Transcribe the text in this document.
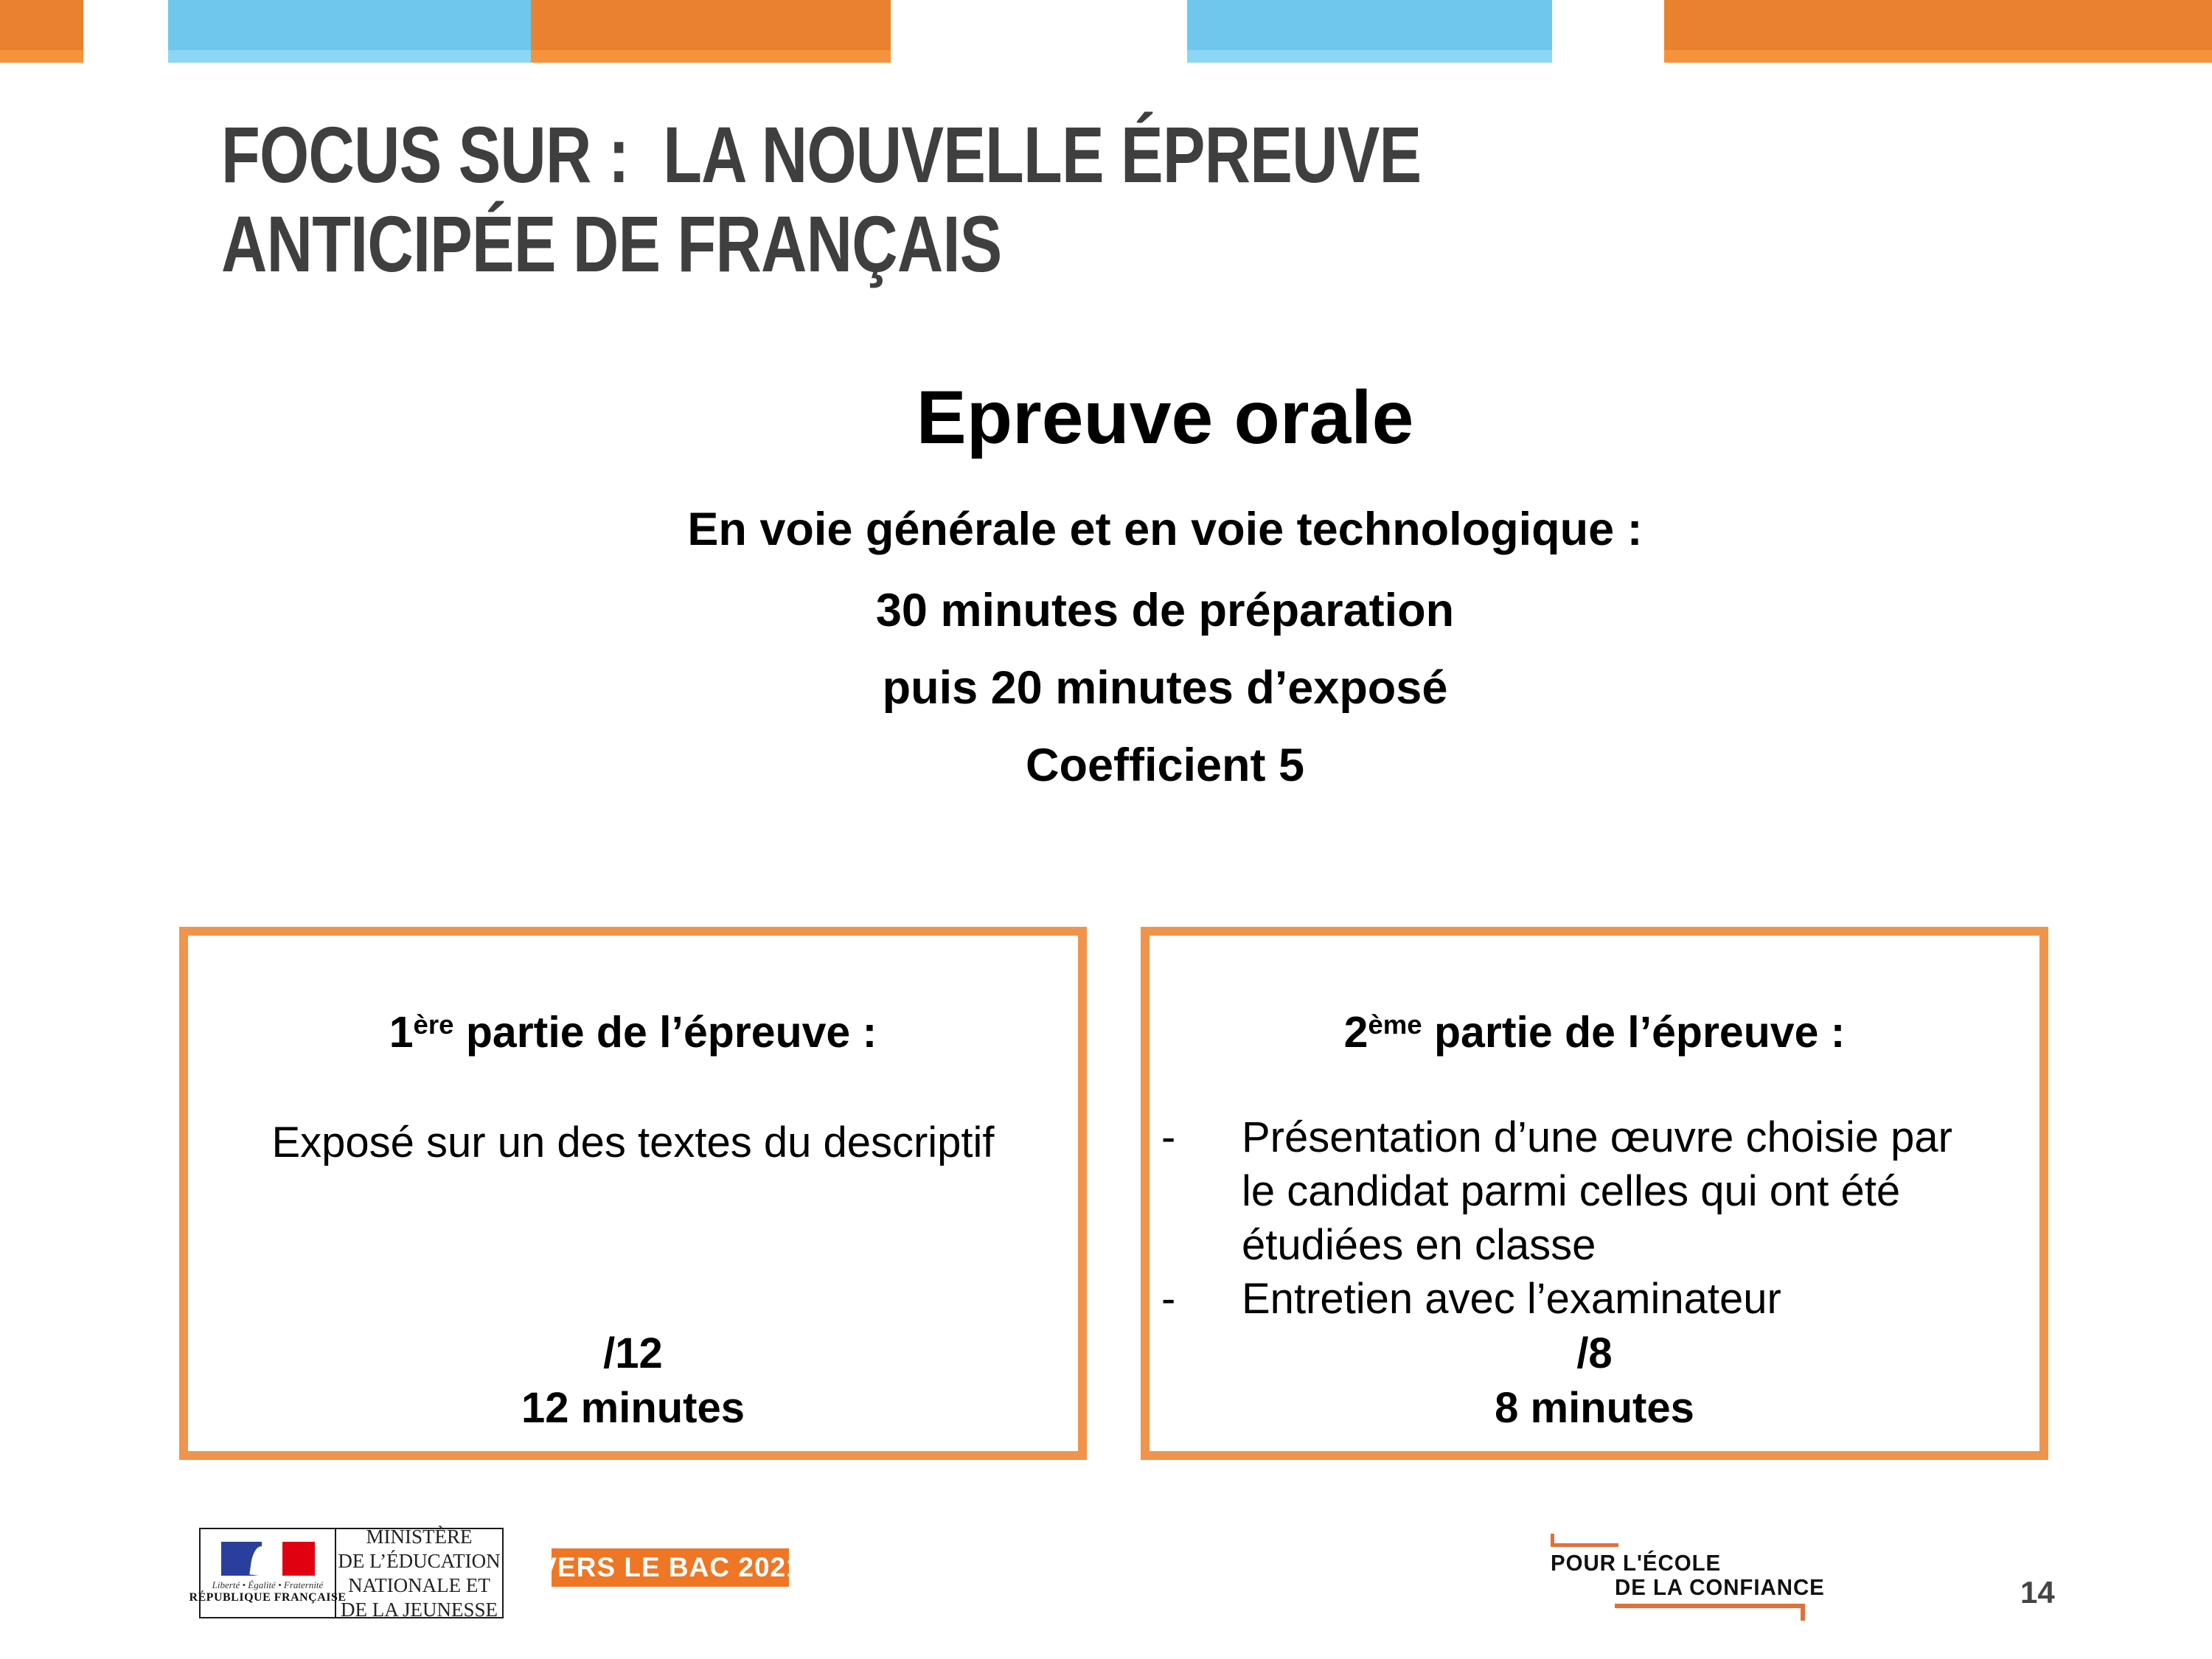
FOCUS SUR :  LA NOUVELLE ÉPREUVE
ANTICIPÉE DE FRANÇAIS
Epreuve orale
En voie générale et en voie technologique :
30 minutes de préparation
puis 20 minutes d’exposé
Coefficient 5
1ère partie de l’épreuve :
Exposé sur un des textes du descriptif
/12
12 minutes
2ème partie de l’épreuve :
-	Présentation d’une œuvre choisie par
le candidat parmi celles qui ont été
étudiées en classe
-	Entretien avec l’examinateur
/8
8 minutes
Liberté • Égalité • Fraternité
RÉPUBLIQUE FRANÇAISE
MINISTÈRE
DE L’ÉDUCATION
NATIONALE ET
DE LA JEUNESSE
VERS LE BAC 2021	POUR L'ÉCOLE
DE LA CONFIANCE	14
